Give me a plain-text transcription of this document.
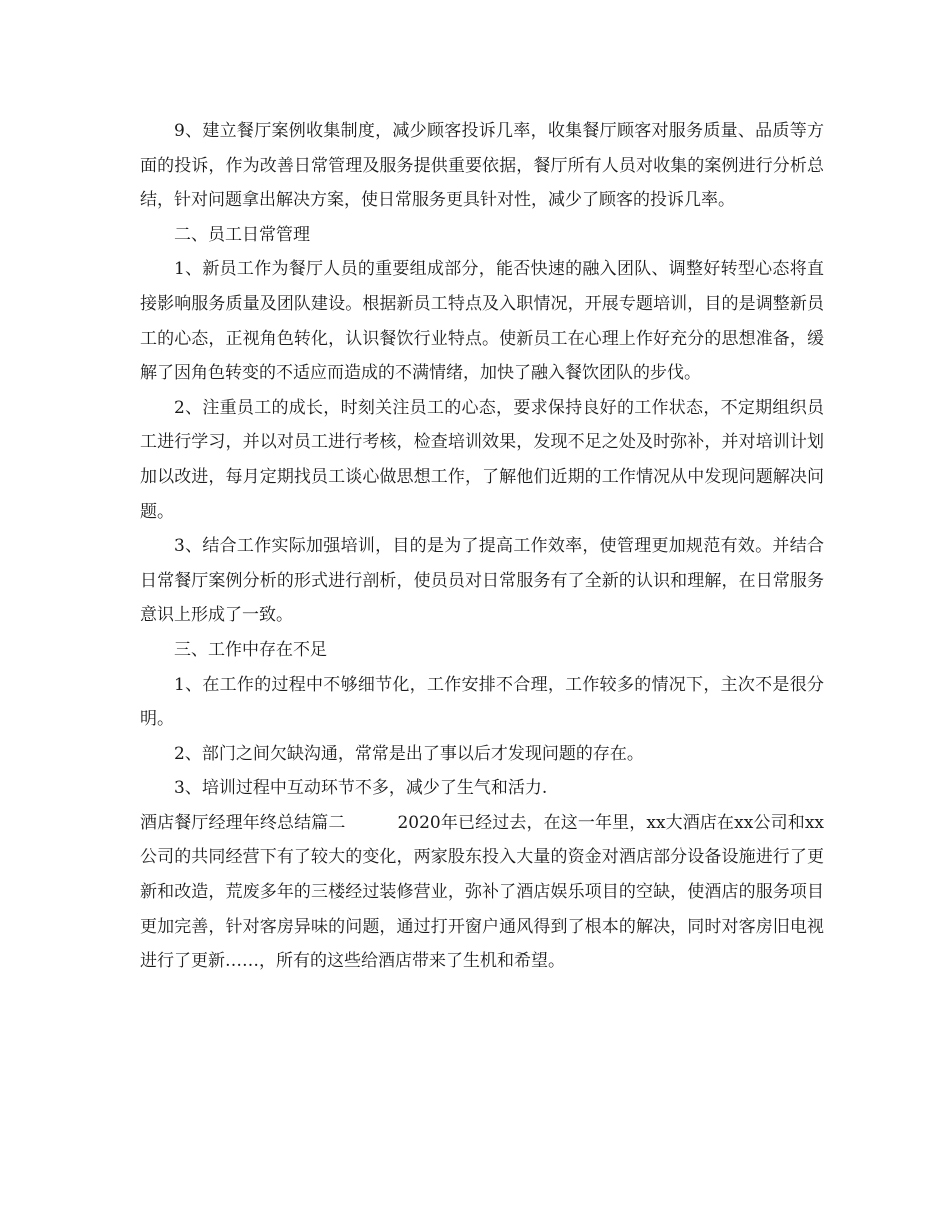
9、建立餐厅案例收集制度，减少顾客投诉几率，收集餐厅顾客对服务质量、品质等方面的投诉，作为改善日常管理及服务提供重要依据，餐厅所有人员对收集的案例进行分析总结，针对问题拿出解决方案，使日常服务更具针对性，减少了顾客的投诉几率。

二、员工日常管理

1、新员工作为餐厅人员的重要组成部分，能否快速的融入团队、调整好转型心态将直接影响服务质量及团队建设。根据新员工特点及入职情况，开展专题培训，目的是调整新员工的心态，正视角色转化，认识餐饮行业特点。使新员工在心理上作好充分的思想准备，缓解了因角色转变的不适应而造成的不满情绪，加快了融入餐饮团队的步伐。

2、注重员工的成长，时刻关注员工的心态，要求保持良好的工作状态，不定期组织员工进行学习，并以对员工进行考核，检查培训效果，发现不足之处及时弥补，并对培训计划加以改进，每月定期找员工谈心做思想工作，了解他们近期的工作情况从中发现问题解决问题。

3、结合工作实际加强培训，目的是为了提高工作效率，使管理更加规范有效。并结合日常餐厅案例分析的形式进行剖析，使员员对日常服务有了全新的认识和理解，在日常服务意识上形成了一致。

三、工作中存在不足

1、在工作的过程中不够细节化，工作安排不合理，工作较多的情况下，主次不是很分明。

2、部门之间欠缺沟通，常常是出了事以后才发现问题的存在。

3、培训过程中互动环节不多，减少了生气和活力.

酒店餐厅经理年终总结篇二	2020年已经过去，在这一年里，xx大酒店在xx公司和xx公司的共同经营下有了较大的变化，两家股东投入大量的资金对酒店部分设备设施进行了更新和改造，荒废多年的三楼经过装修营业，弥补了酒店娱乐项目的空缺，使酒店的服务项目更加完善，针对客房异味的问题，通过打开窗户通风得到了根本的解决，同时对客房旧电视进行了更新……，所有的这些给酒店带来了生机和希望。
